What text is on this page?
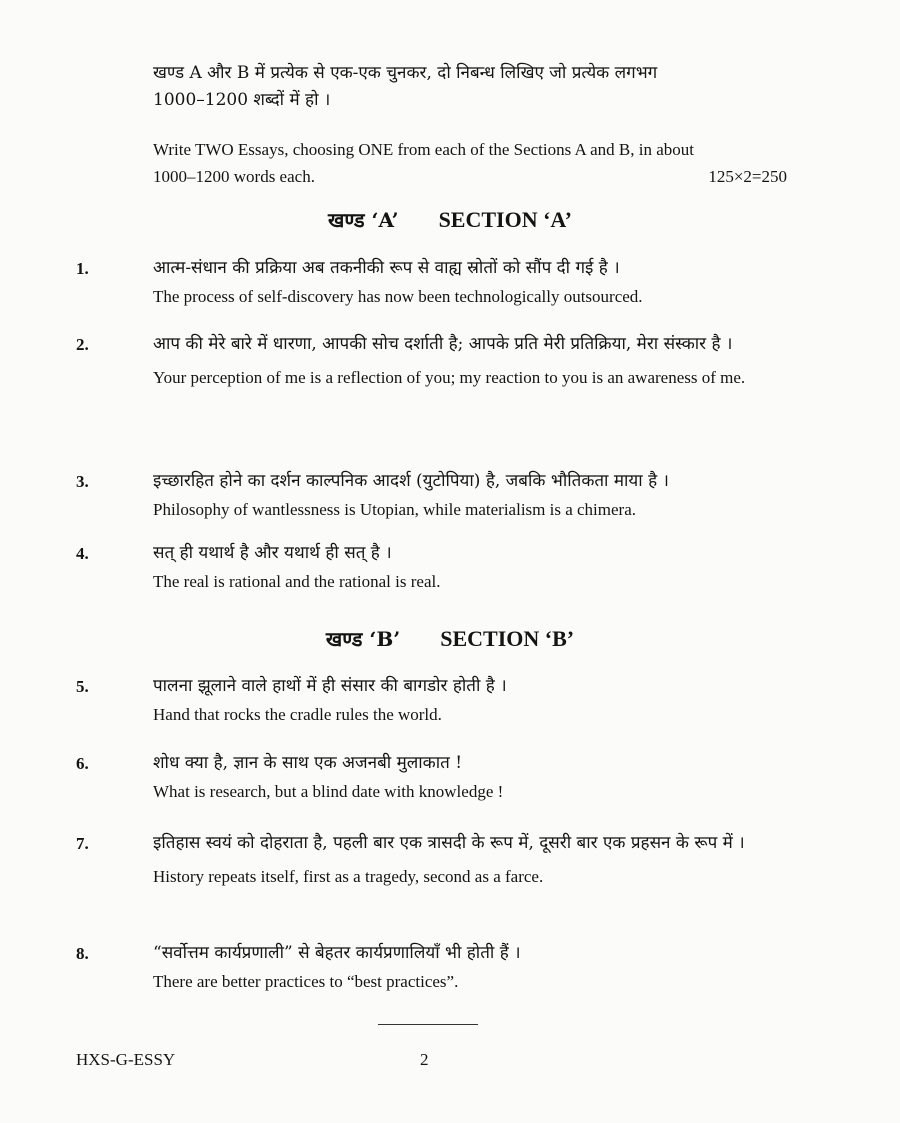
खण्ड A और B में प्रत्येक से एक-एक चुनकर, दो निबन्ध लिखिए जो प्रत्येक लगभग
1000–1200 शब्दों में हो ।
Write TWO Essays, choosing ONE from each of the Sections A and B, in about
1000–1200 words each.	125×2=250
खण्ड ‘A’ SECTION ‘A’
1.	आत्म-संधान की प्रक्रिया अब तकनीकी रूप से वाह्य स्रोतों को सौंप दी गई है ।
The process of self-discovery has now been technologically outsourced.
2.	आप की मेरे बारे में धारणा, आपकी सोच दर्शाती है; आपके प्रति मेरी प्रतिक्रिया, मेरा संस्कार है ।
Your perception of me is a reflection of you; my reaction to you is an awareness of me.
3.	इच्छारहित होने का दर्शन काल्पनिक आदर्श (युटोपिया) है, जबकि भौतिकता माया है ।
Philosophy of wantlessness is Utopian, while materialism is a chimera.
4.	सत् ही यथार्थ है और यथार्थ ही सत् है ।
The real is rational and the rational is real.
खण्ड ‘B’ SECTION ‘B’
5.	पालना झूलाने वाले हाथों में ही संसार की बागडोर होती है ।
Hand that rocks the cradle rules the world.
6.	शोध क्या है, ज्ञान के साथ एक अजनबी मुलाकात !
What is research, but a blind date with knowledge !
7.	इतिहास स्वयं को दोहराता है, पहली बार एक त्रासदी के रूप में, दूसरी बार एक प्रहसन के रूप में ।
History repeats itself, first as a tragedy, second as a farce.
8.	“सर्वोत्तम कार्यप्रणाली” से बेहतर कार्यप्रणालियाँ भी होती हैं ।
There are better practices to “best practices”.
HXS-G-ESSY	2
